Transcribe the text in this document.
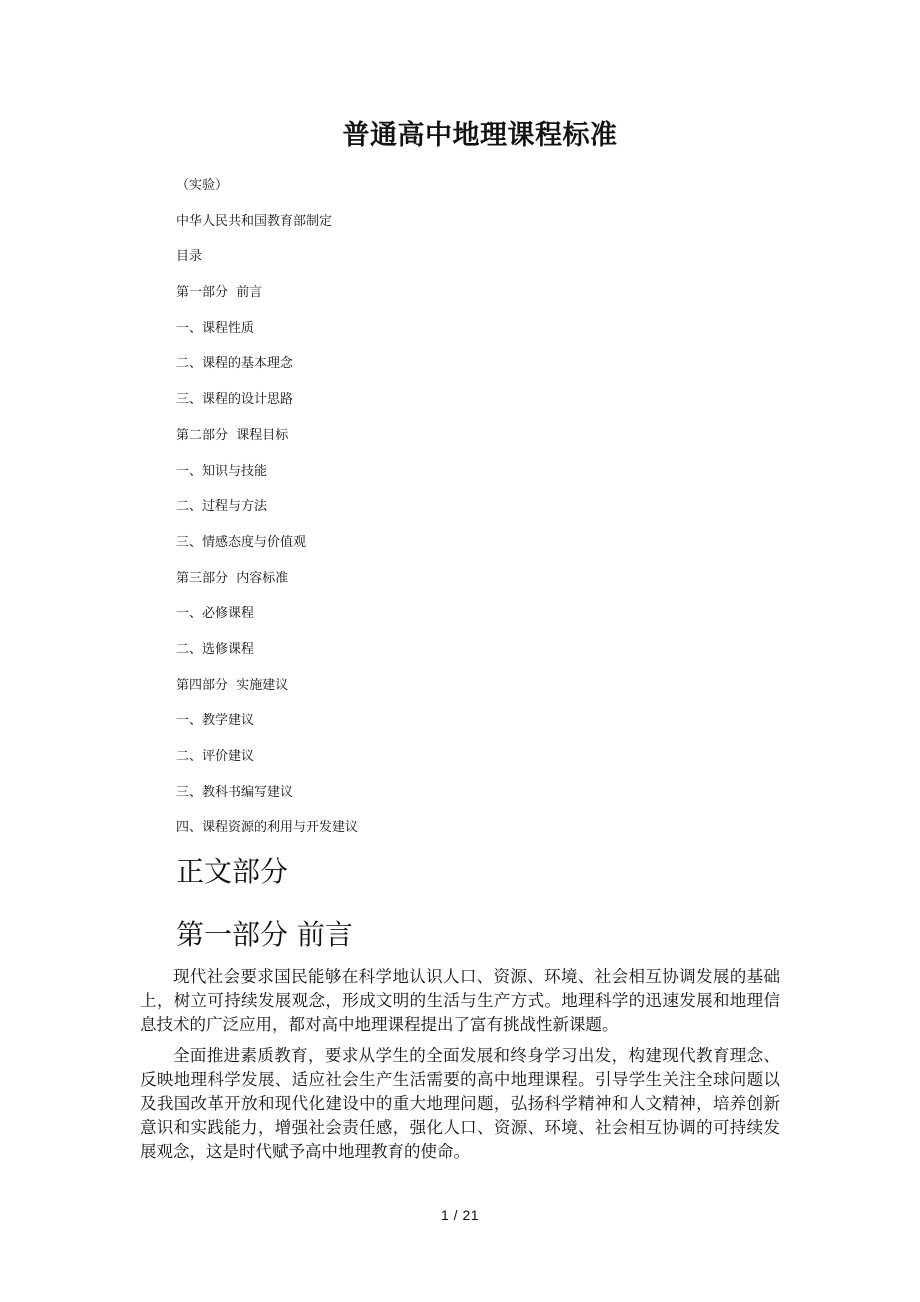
普通高中地理课程标准
（实验）
中华人民共和国教育部制定
目录
第一部分  前言
一、课程性质
二、课程的基本理念
三、课程的设计思路
第二部分  课程目标
一、知识与技能
二、过程与方法
三、情感态度与价值观
第三部分  内容标准
一、必修课程
二、选修课程
第四部分  实施建议
一、教学建议
二、评价建议
三、教科书编写建议
四、课程资源的利用与开发建议
正文部分
第一部分 前言

现代社会要求国民能够在科学地认识人口、资源、环境、社会相互协调发展的基础上，树立可持续发展观念，形成文明的生活与生产方式。地理科学的迅速发展和地理信息技术的广泛应用，都对高中地理课程提出了富有挑战性新课题。

全面推进素质教育，要求从学生的全面发展和终身学习出发，构建现代教育理念、反映地理科学发展、适应社会生产生活需要的高中地理课程。引导学生关注全球问题以及我国改革开放和现代化建设中的重大地理问题，弘扬科学精神和人文精神，培养创新意识和实践能力，增强社会责任感，强化人口、资源、环境、社会相互协调的可持续发展观念，这是时代赋予高中地理教育的使命。

1 / 21
